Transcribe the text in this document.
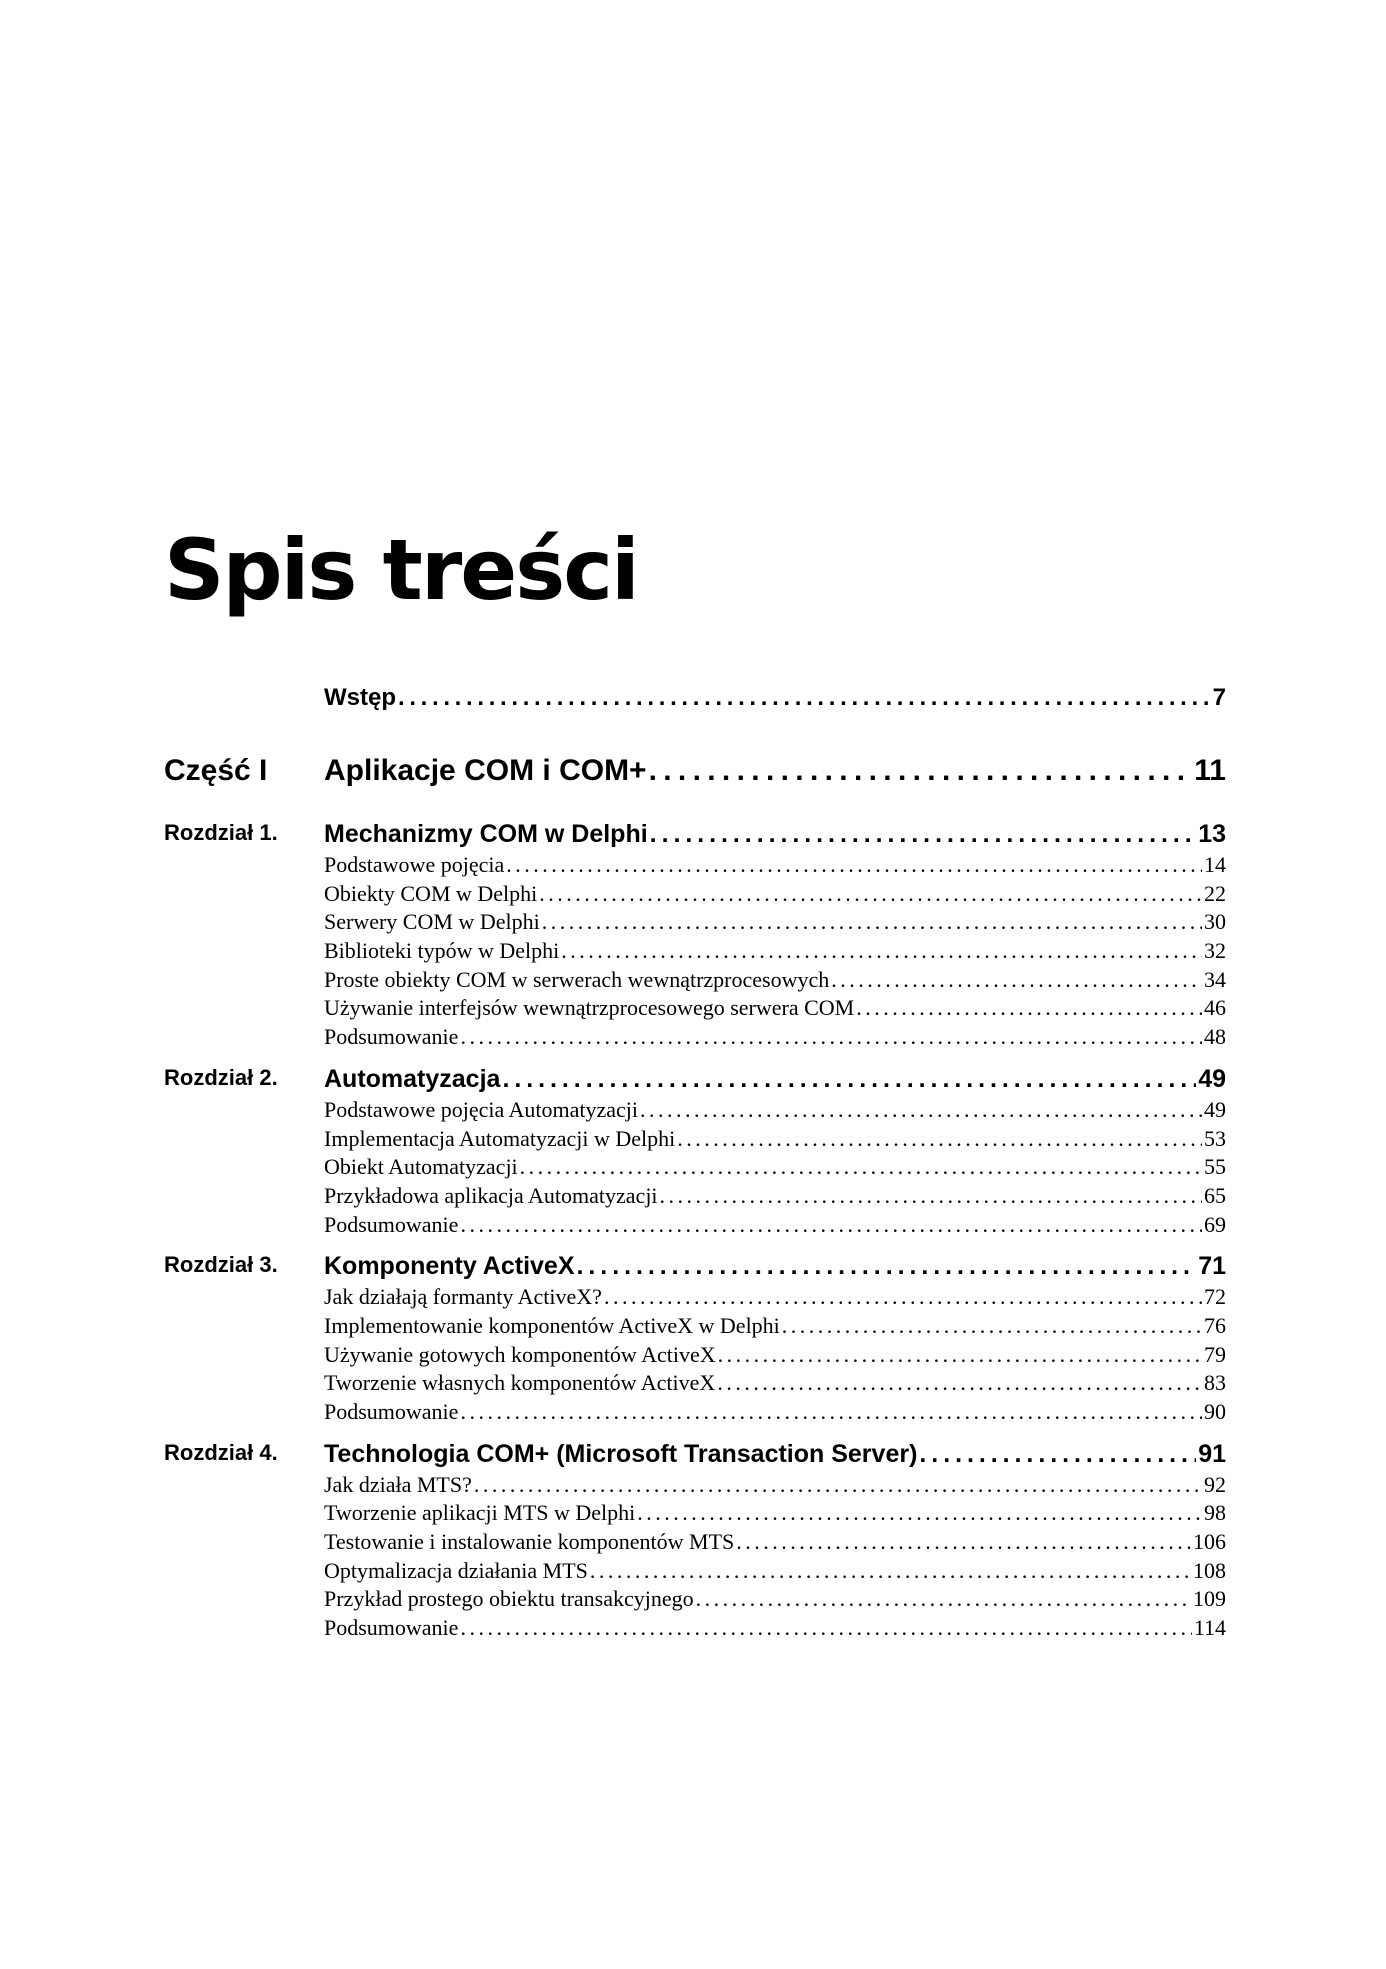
Spis treści
Wstęp . . .	7
Część I Aplikacje COM i COM+ . . .	11
Rozdział 1. Mechanizmy COM w Delphi . . .	13
Podstawowe pojęcia . . .	14
Obiekty COM w Delphi . . .	22
Serwery COM w Delphi . . .	30
Biblioteki typów w Delphi . . .	32
Proste obiekty COM w serwerach wewnątrzprocesowych . . .	34
Używanie interfejsów wewnątrzprocesowego serwera COM . . .	46
Podsumowanie . . .	48
Rozdział 2. Automatyzacja . . .	49
Podstawowe pojęcia Automatyzacji . . .	49
Implementacja Automatyzacji w Delphi . . .	53
Obiekt Automatyzacji . . .	55
Przykładowa aplikacja Automatyzacji . . .	65
Podsumowanie . . .	69
Rozdział 3. Komponenty ActiveX . . .	71
Jak działają formanty ActiveX? . . .	72
Implementowanie komponentów ActiveX w Delphi . . .	76
Używanie gotowych komponentów ActiveX . . .	79
Tworzenie własnych komponentów ActiveX . . .	83
Podsumowanie . . .	90
Rozdział 4. Technologia COM+ (Microsoft Transaction Server) . . .	91
Jak działa MTS? . . .	92
Tworzenie aplikacji MTS w Delphi . . .	98
Testowanie i instalowanie komponentów MTS . . .	106
Optymalizacja działania MTS . . .	108
Przykład prostego obiektu transakcyjnego . . .	109
Podsumowanie . . .	114
